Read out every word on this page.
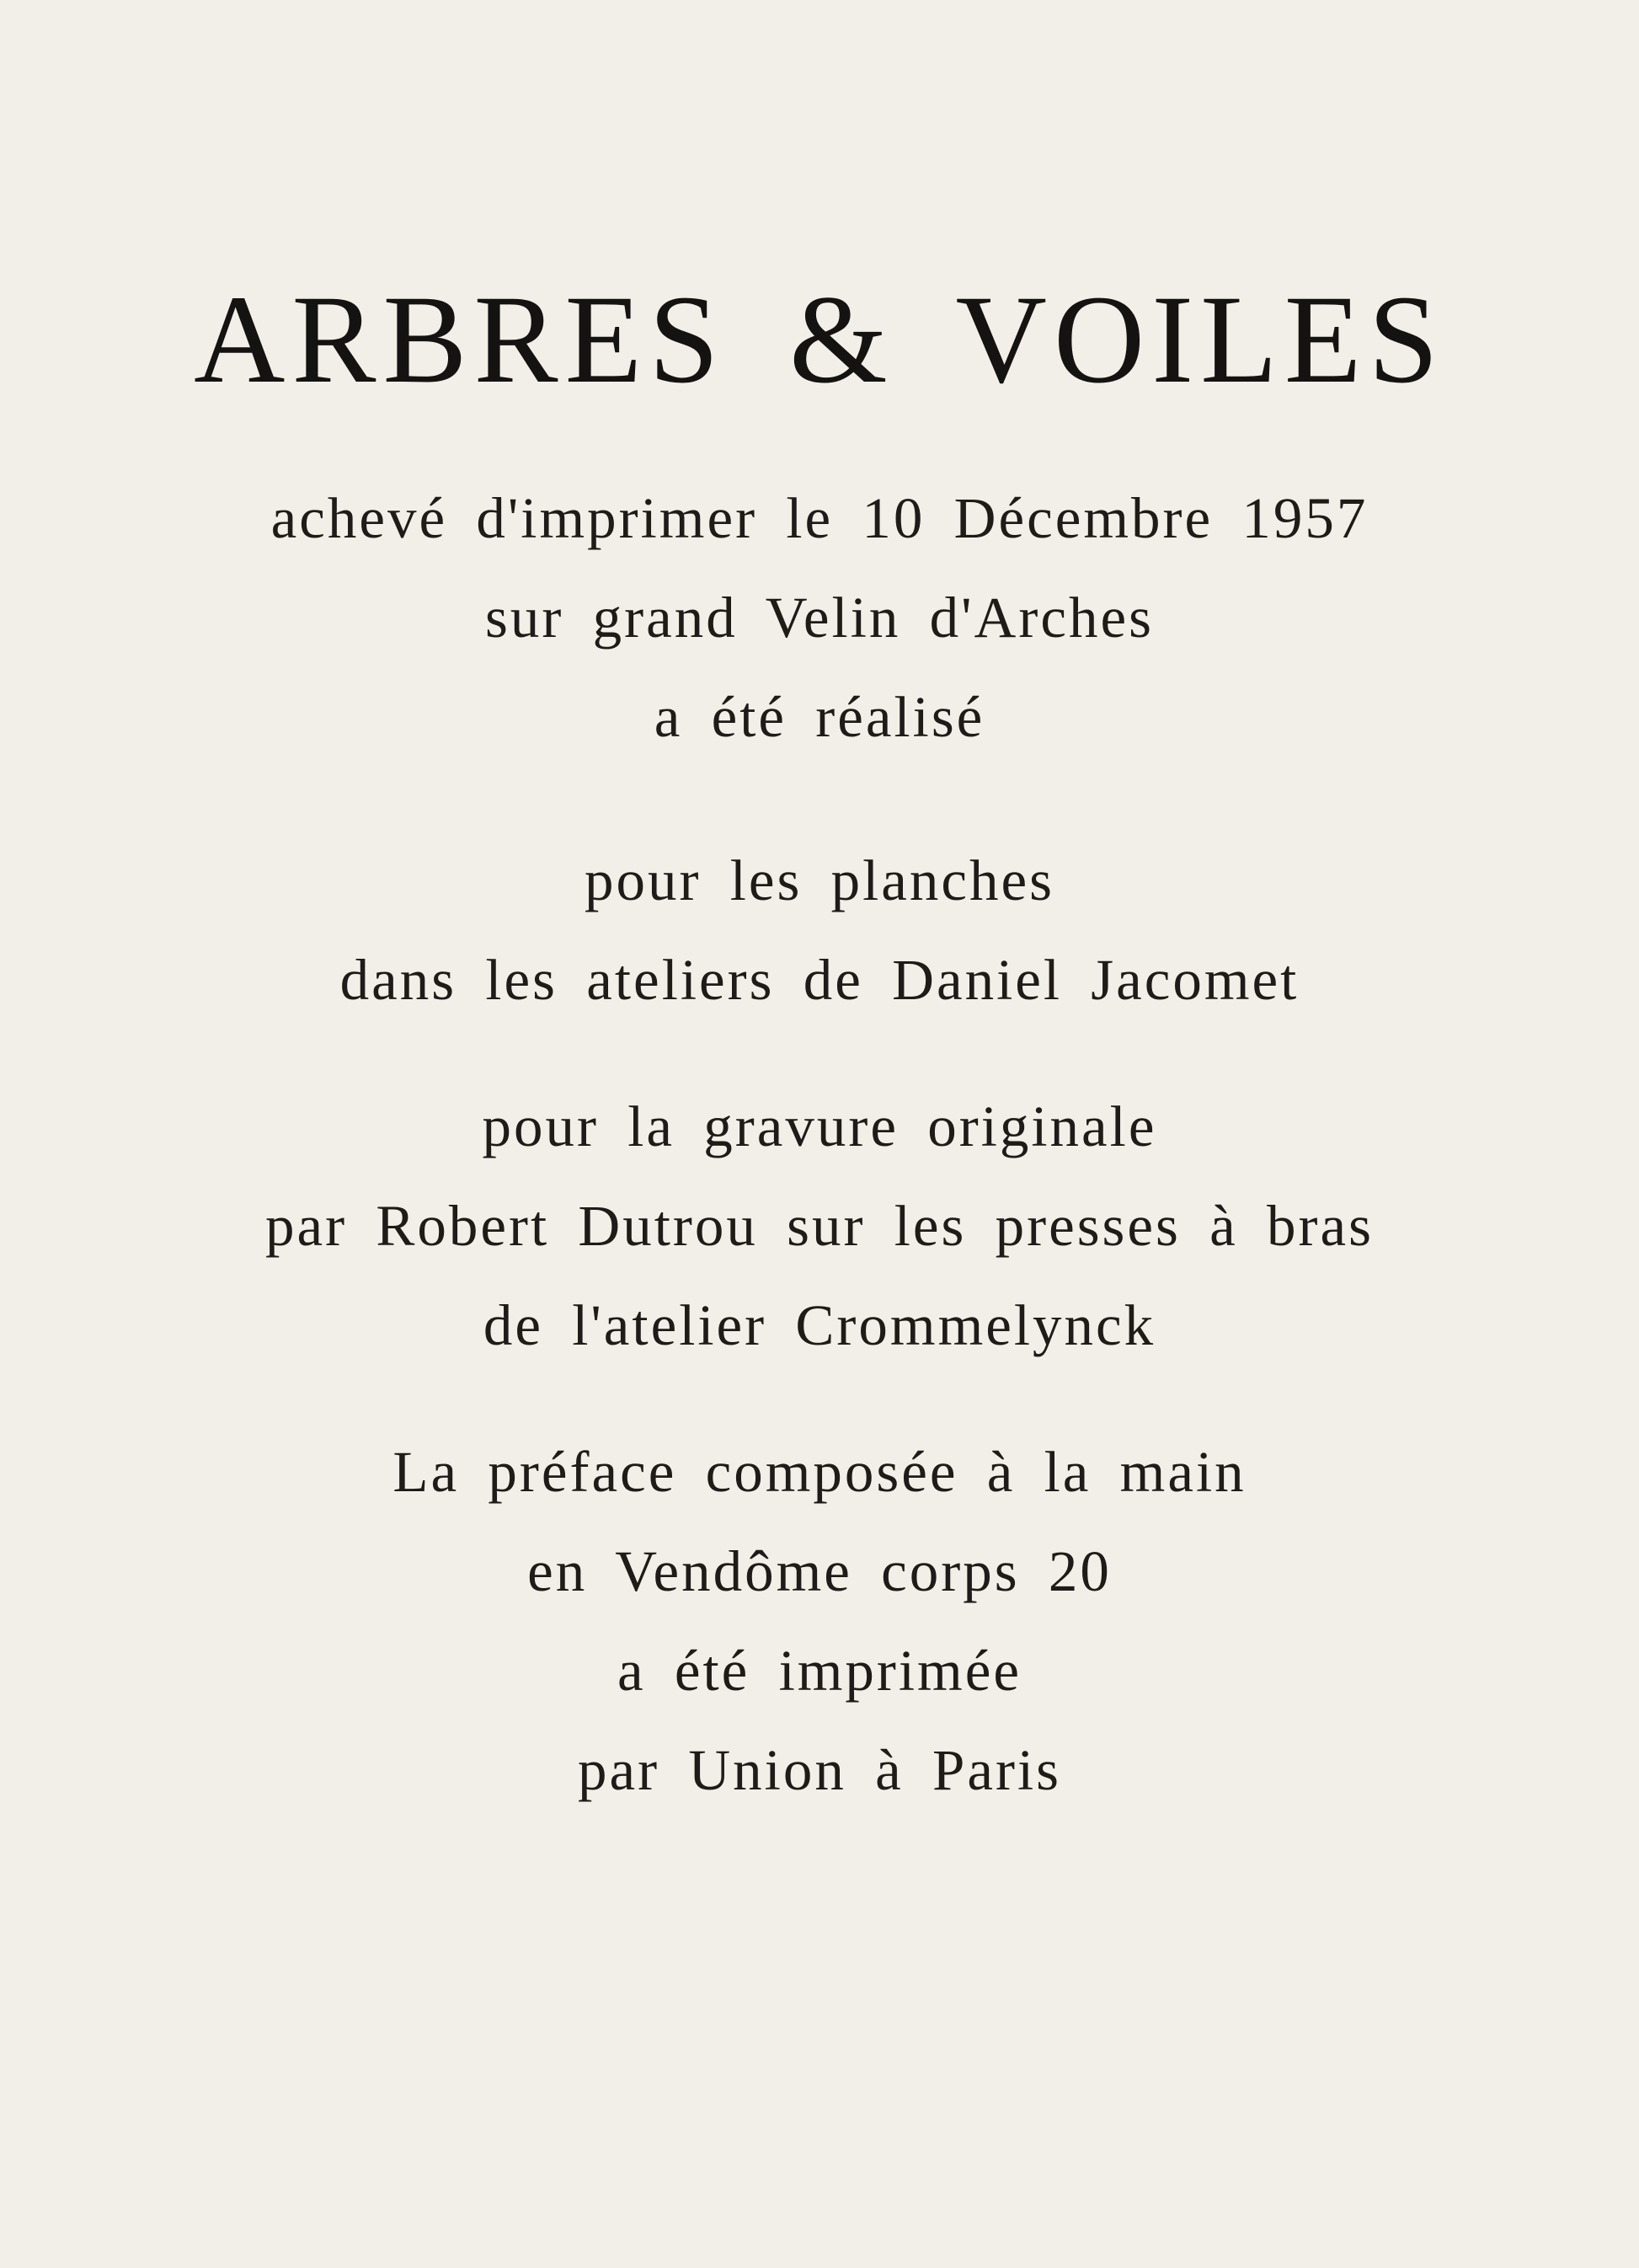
ARBRES & VOILES
achevé d'imprimer le 10 Décembre 1957
sur grand Velin d'Arches
a été réalisé
pour les planches
dans les ateliers de Daniel Jacomet
pour la gravure originale
par Robert Dutrou sur les presses à bras
de l'atelier Crommelynck
La préface composée à la main
en Vendôme corps 20
a été imprimée
par Union à Paris
